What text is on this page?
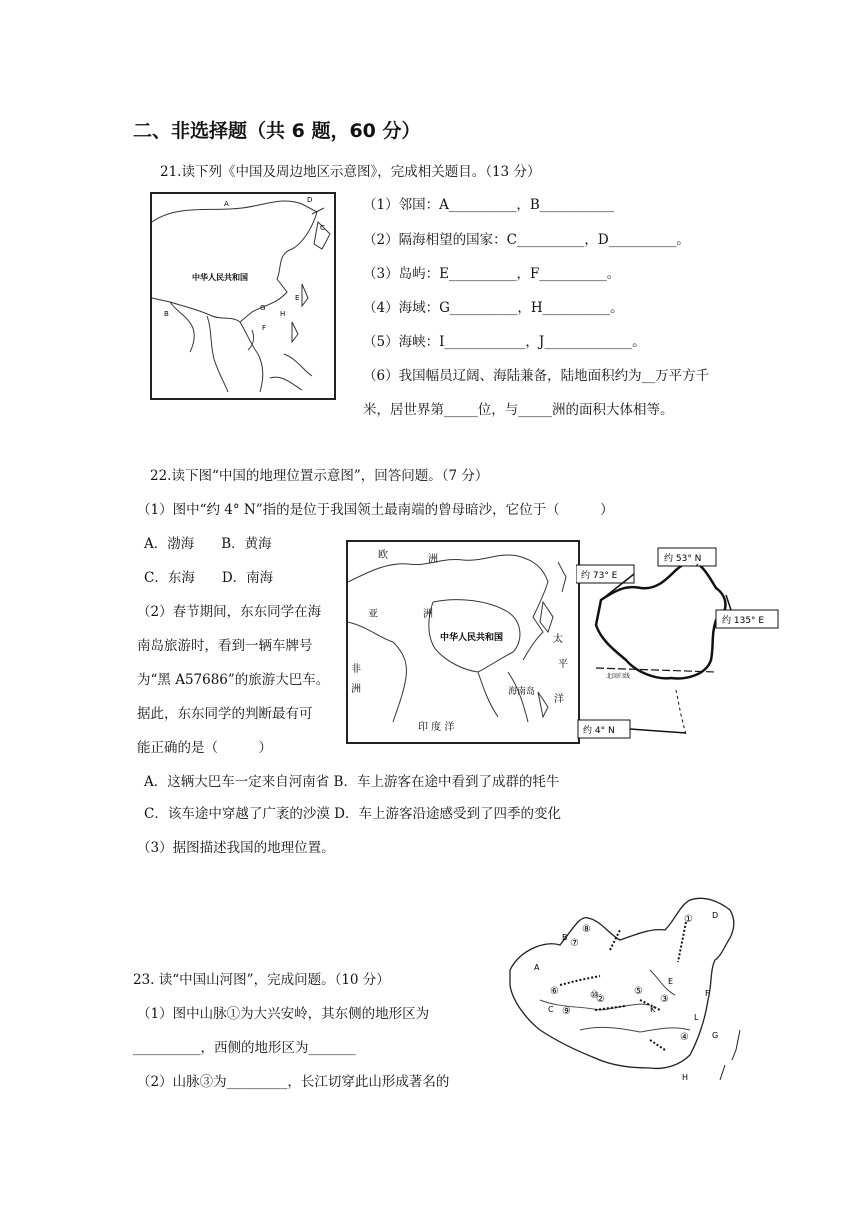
二、非选择题（共 6 题，60 分）
21.读下列《中国及周边地区示意图》，完成相关题目。（13 分）
A
B
C
D
E
F
G
H
中华人民共和国
（1）邻国：A__________，B___________
（2）隔海相望的国家：C__________，D__________。
（3）岛屿：E__________，F__________。
（4）海域：G__________，H__________。
（5）海峡：I____________，J_____________。
（6）我国幅员辽阔、海陆兼备，陆地面积约为__万平方千
米，居世界第_____位，与_____洲的面积大体相等。
22.读下图“中国的地理位置示意图”，回答问题。（7 分）
（1）图中“约 4° N”指的是位于我国领土最南端的曾母暗沙，它位于（　　　）
A．渤海　　B．黄海
C．东海　　D．南海
（2）春节期间，东东同学在海
南岛旅游时，看到一辆车牌号
为“黑 A57686”的旅游大巴车。
据此，东东同学的判断最有可
能正确的是（　　　）
欧	洲
亚	洲
中华人民共和国	太
平
洋
海南岛
印 度 洋
非
洲
约 53° N
约 73° E
约 135° E
约 4° N
北回归线
A．这辆大巴车一定来自河南省 B．车上游客在途中看到了成群的牦牛
C．该车途中穿越了广袤的沙漠 D．车上游客沿途感受到了四季的变化
（3）据图描述我国的地理位置。
23. 读“中国山河图”，完成问题。（10 分）
（1）图中山脉①为大兴安岭，其东侧的地形区为
__________，西侧的地形区为_______
（2）山脉③为_________，长江切穿此山形成著名的
A
B
C
D
E
F
G
H
K
L
①
②	③
④
⑤
⑥
⑦
⑧
⑨
⑩
